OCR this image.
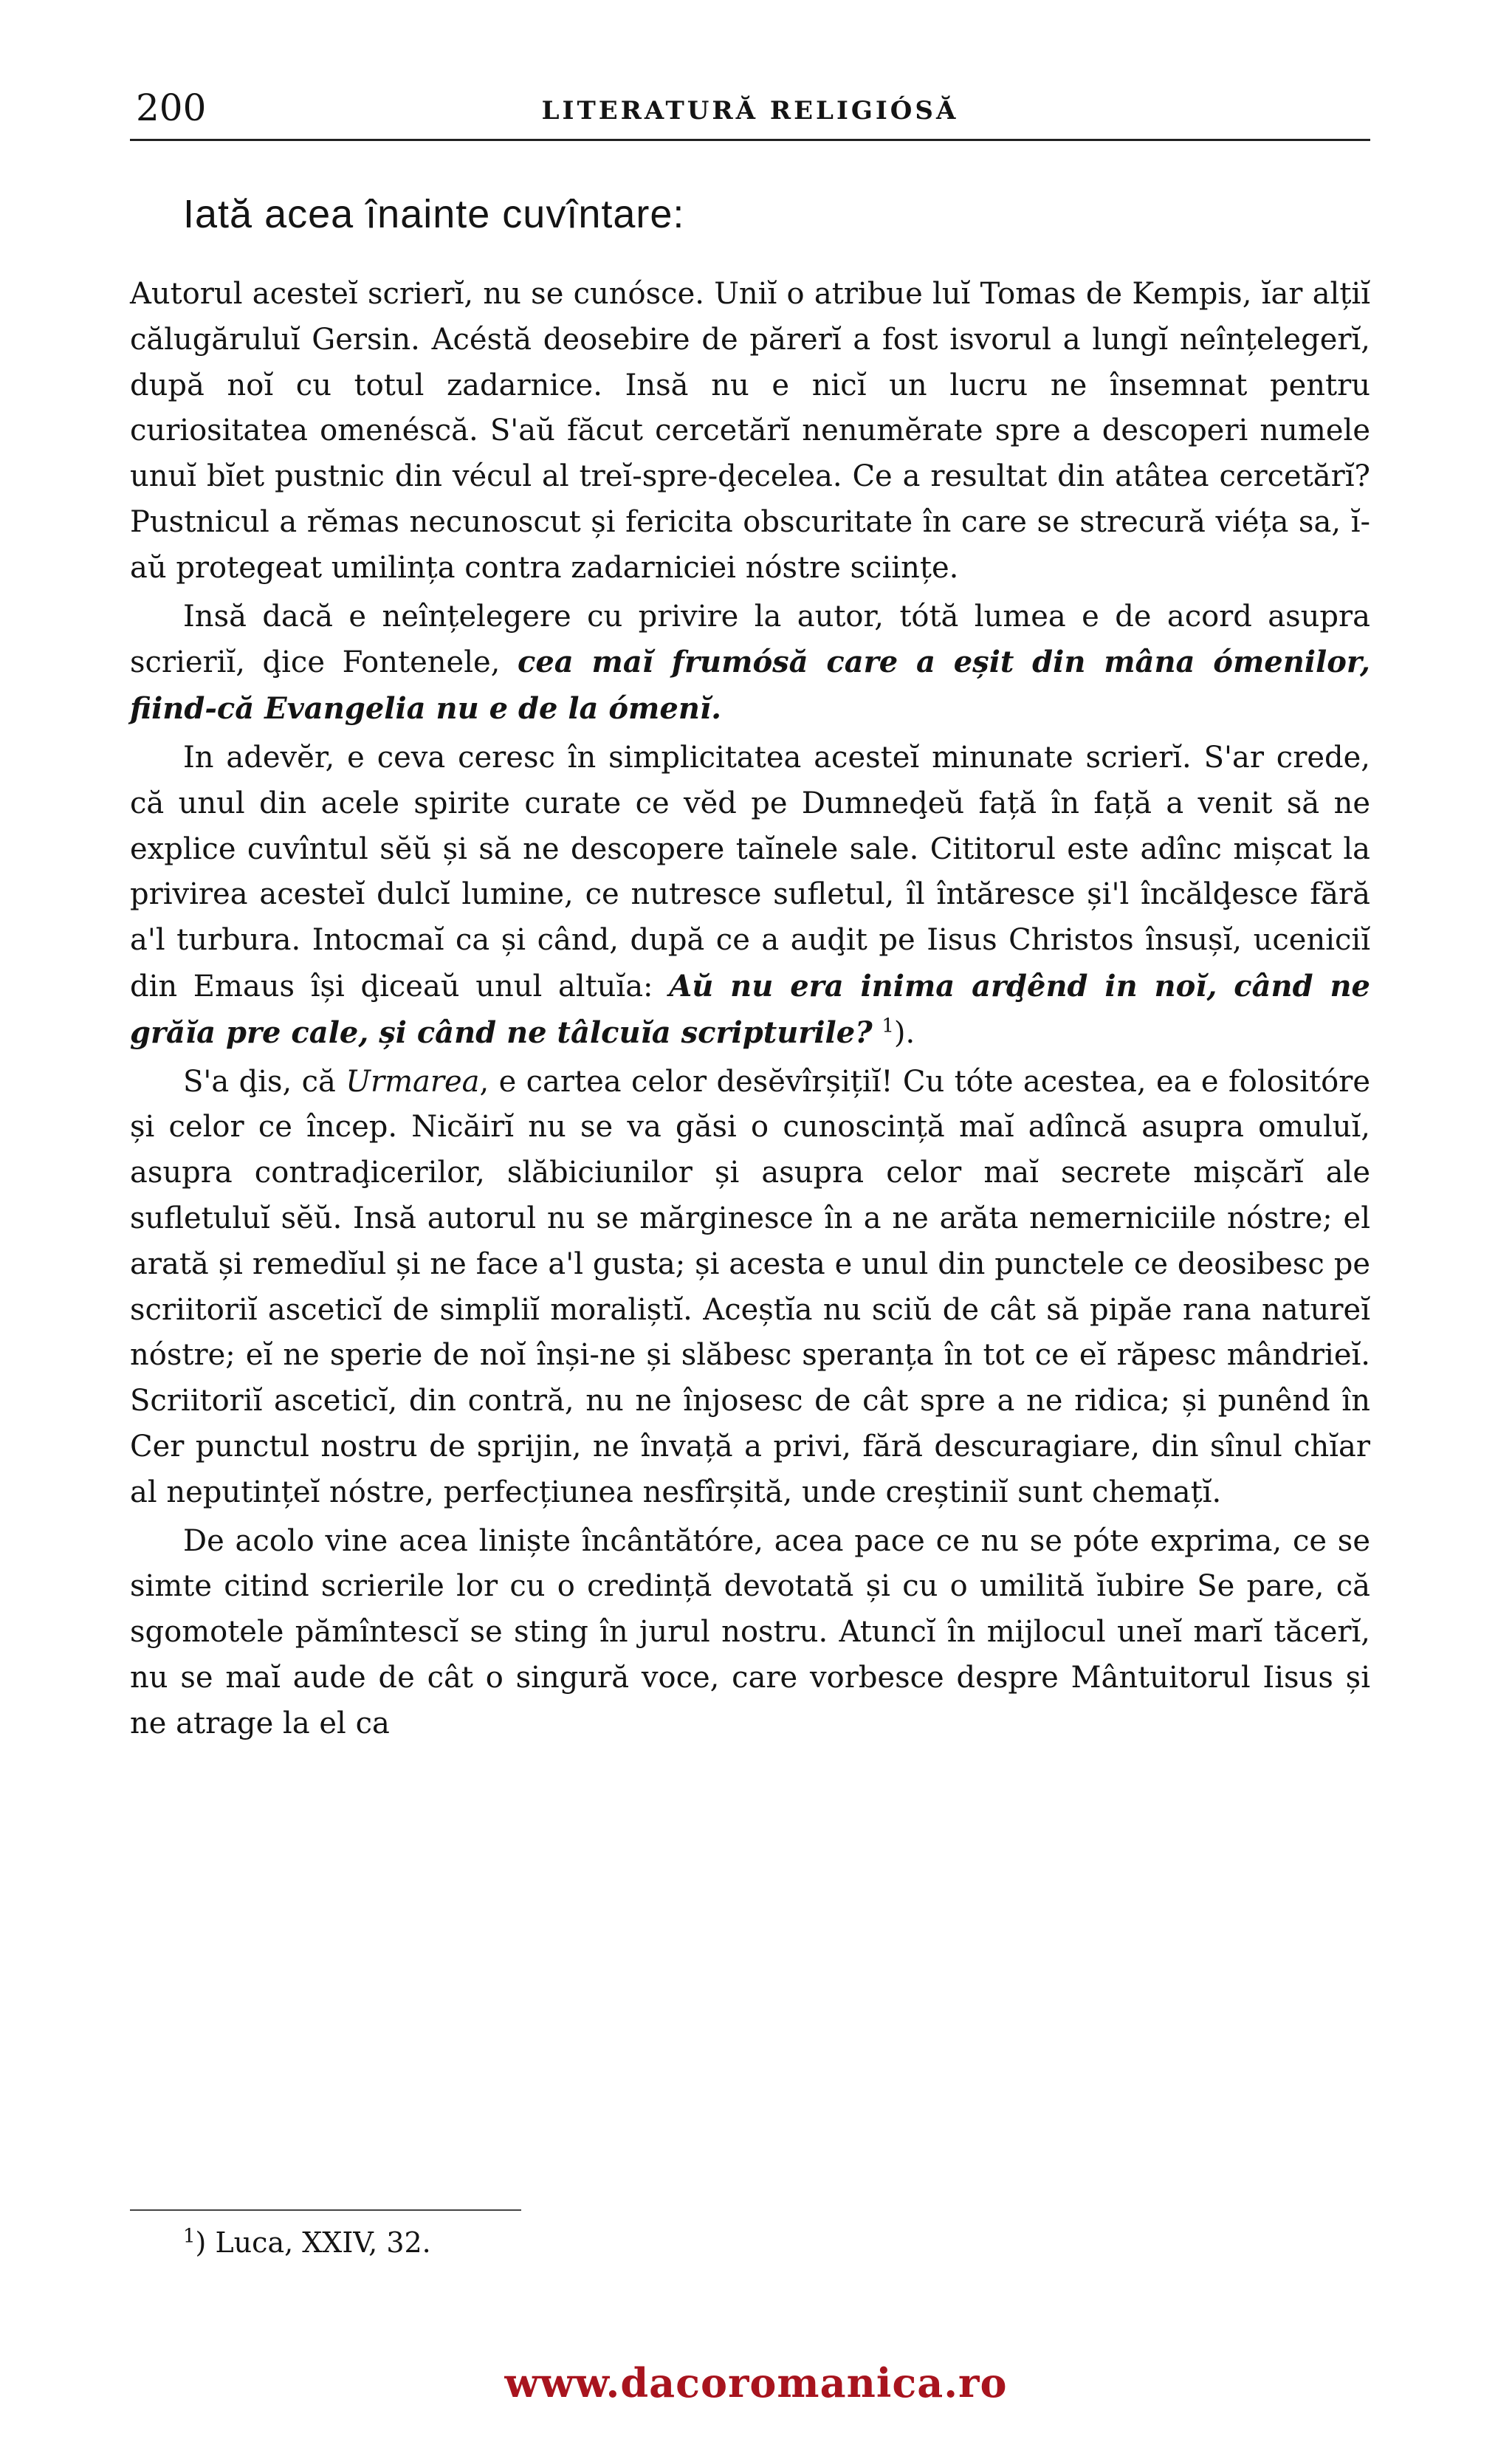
200	LITERATURĂ RELIGIÓSĂ
Iată acea înainte cuvîntare:

Autorul acesteĭ scrierĭ, nu se cunósce. Uniĭ o atribue luĭ Tomas de Kempis, ĭar alțiĭ călugăruluĭ Gersin. Acéstă deosebire de părerĭ a fost isvorul a lungĭ neînțelegerĭ, după noĭ cu totul zadarnice. Insă nu e nicĭ un lucru ne însemnat pentru curiositatea omenéscă. S'aŭ făcut cercetărĭ nenumĕrate spre a descoperi numele unuĭ bĭet pustnic din vécul al treĭ-spre-ḑecelea. Ce a resultat din atâtea cercetărĭ? Pustnicul a rĕmas necunoscut și fericita obscuritate în care se strecură viéța sa, ĭ-aŭ protegeat umilința contra zadarniciei nóstre sciințe.

Insă dacă e neînțelegere cu privire la autor, tótă lumea e de acord asupra scrieriĭ, ḑice Fontenele, cea maĭ frumósă care a eșit din mâna ómenilor, fiind-că Evangelia nu e de la ómenĭ.

In adevĕr, e ceva ceresc în simplicitatea acesteĭ minunate scrierĭ. S'ar crede, că unul din acele spirite curate ce vĕd pe Dumneḑeŭ față în față a venit să ne explice cuvîntul sĕŭ și să ne descopere taĭnele sale. Cititorul este adînc mișcat la privirea acesteĭ dulcĭ lumine, ce nutresce sufletul, îl întăresce și'l încălḑesce fără a'l turbura. Intocmaĭ ca și când, după ce a auḑit pe Iisus Christos însușĭ, uceniciĭ din Emaus își ḑiceaŭ unul altuĭa: Aŭ nu era inima arḑênd in noĭ, când ne grăĭa pre cale, și când ne tâlcuĭa scripturile? $^1$).

S'a ḑis, că Urmarea, e cartea celor desĕvîrșițiĭ! Cu tóte acestea, ea e folositóre și celor ce încep. Nicăirĭ nu se va găsi o cunoscință maĭ adîncă asupra omuluĭ, asupra contraḑicerilor, slăbiciunilor și asupra celor maĭ secrete mișcărĭ ale sufletuluĭ sĕŭ. Insă autorul nu se mărginesce în a ne arăta nemerniciile nóstre; el arată și remedĭul și ne face a'l gusta; și acesta e unul din punctele ce deosibesc pe scriitoriĭ asceticĭ de simpliĭ moraliștĭ. Aceștĭa nu sciŭ de cât să pipăe rana natureĭ nóstre; eĭ ne sperie de noĭ înși-ne și slăbesc speranța în tot ce eĭ răpesc mândrieĭ. Scriitoriĭ asceticĭ, din contră, nu ne înjosesc de cât spre a ne ridica; și punênd în Cer punctul nostru de sprijin, ne învață a privi, fără descuragiare, din sînul chĭar al neputințeĭ nóstre, perfecțiunea nesfîrșită, unde creștiniĭ sunt chemațĭ.

De acolo vine acea liniște încântătóre, acea pace ce nu se póte exprima, ce se simte citind scrierile lor cu o credință devotată și cu o umilită ĭubire Se pare, că sgomotele pămîntescĭ se sting în jurul nostru. Atuncĭ în mijlocul uneĭ marĭ tăcerĭ, nu se maĭ aude de cât o singură voce, care vorbesce despre Mântuitorul Iisus și ne atrage la el ca

$^1$) Luca, XXIV, 32.
www.dacoromanica.ro
